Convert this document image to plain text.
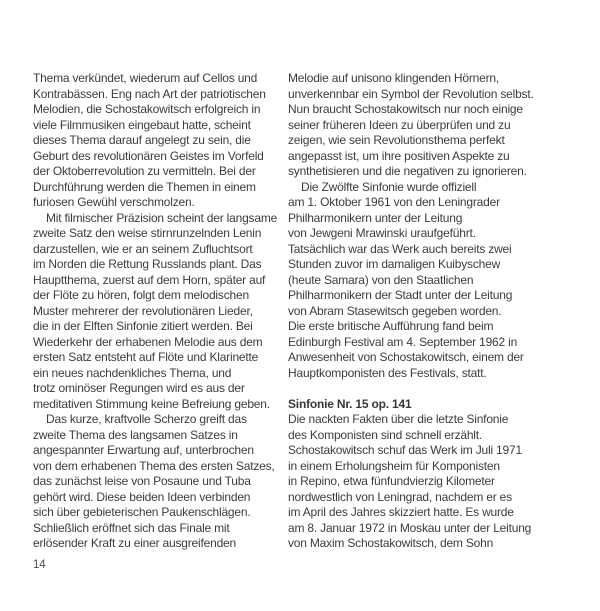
Thema verkündet, wiederum auf Cellos und
Kontrabässen. Eng nach Art der patriotischen
Melodien, die Schostakowitsch erfolgreich in
viele Filmmusiken eingebaut hatte, scheint
dieses Thema darauf angelegt zu sein, die
Geburt des revolutionären Geistes im Vorfeld
der Oktoberrevolution zu vermitteln. Bei der
Durchführung werden die Themen in einem
furiosen Gewühl verschmolzen.
Mit filmischer Präzision scheint der langsame
zweite Satz den weise stirnrunzelnden Lenin
darzustellen, wie er an seinem Zufluchtsort
im Norden die Rettung Russlands plant. Das
Hauptthema, zuerst auf dem Horn, später auf
der Flöte zu hören, folgt dem melodischen
Muster mehrerer der revolutionären Lieder,
die in der Elften Sinfonie zitiert werden. Bei
Wiederkehr der erhabenen Melodie aus dem
ersten Satz entsteht auf Flöte und Klarinette
ein neues nachdenkliches Thema, und
trotz ominöser Regungen wird es aus der
meditativen Stimmung keine Befreiung geben.
Das kurze, kraftvolle Scherzo greift das
zweite Thema des langsamen Satzes in
angespannter Erwartung auf, unterbrochen
von dem erhabenen Thema des ersten Satzes,
das zunächst leise von Posaune und Tuba
gehört wird. Diese beiden Ideen verbinden
sich über gebieterischen Paukenschlägen.
Schließlich eröffnet sich das Finale mit
erlösender Kraft zu einer ausgreifenden
Melodie auf unisono klingenden Hörnern,
unverkennbar ein Symbol der Revolution selbst.
Nun braucht Schostakowitsch nur noch einige
seiner früheren Ideen zu überprüfen und zu
zeigen, wie sein Revolutionsthema perfekt
angepasst ist, um ihre positiven Aspekte zu
synthetisieren und die negativen zu ignorieren.
Die Zwölfte Sinfonie wurde offiziell
am 1. Oktober 1961 von den Leningrader
Philharmonikern unter der Leitung
von Jewgeni Mrawinski uraufgeführt.
Tatsächlich war das Werk auch bereits zwei
Stunden zuvor im damaligen Kuibyschew
(heute Samara) von den Staatlichen
Philharmonikern der Stadt unter der Leitung
von Abram Stasewitsch gegeben worden.
Die erste britische Aufführung fand beim
Edinburgh Festival am 4. September 1962 in
Anwesenheit von Schostakowitsch, einem der
Hauptkomponisten des Festivals, statt.
Sinfonie Nr. 15 op. 141
Die nackten Fakten über die letzte Sinfonie
des Komponisten sind schnell erzählt.
Schostakowitsch schuf das Werk im Juli 1971
in einem Erholungsheim für Komponisten
in Repino, etwa fünfundvierzig Kilometer
nordwestlich von Leningrad, nachdem er es
im April des Jahres skizziert hatte. Es wurde
am 8. Januar 1972 in Moskau unter der Leitung
von Maxim Schostakowitsch, dem Sohn
14
